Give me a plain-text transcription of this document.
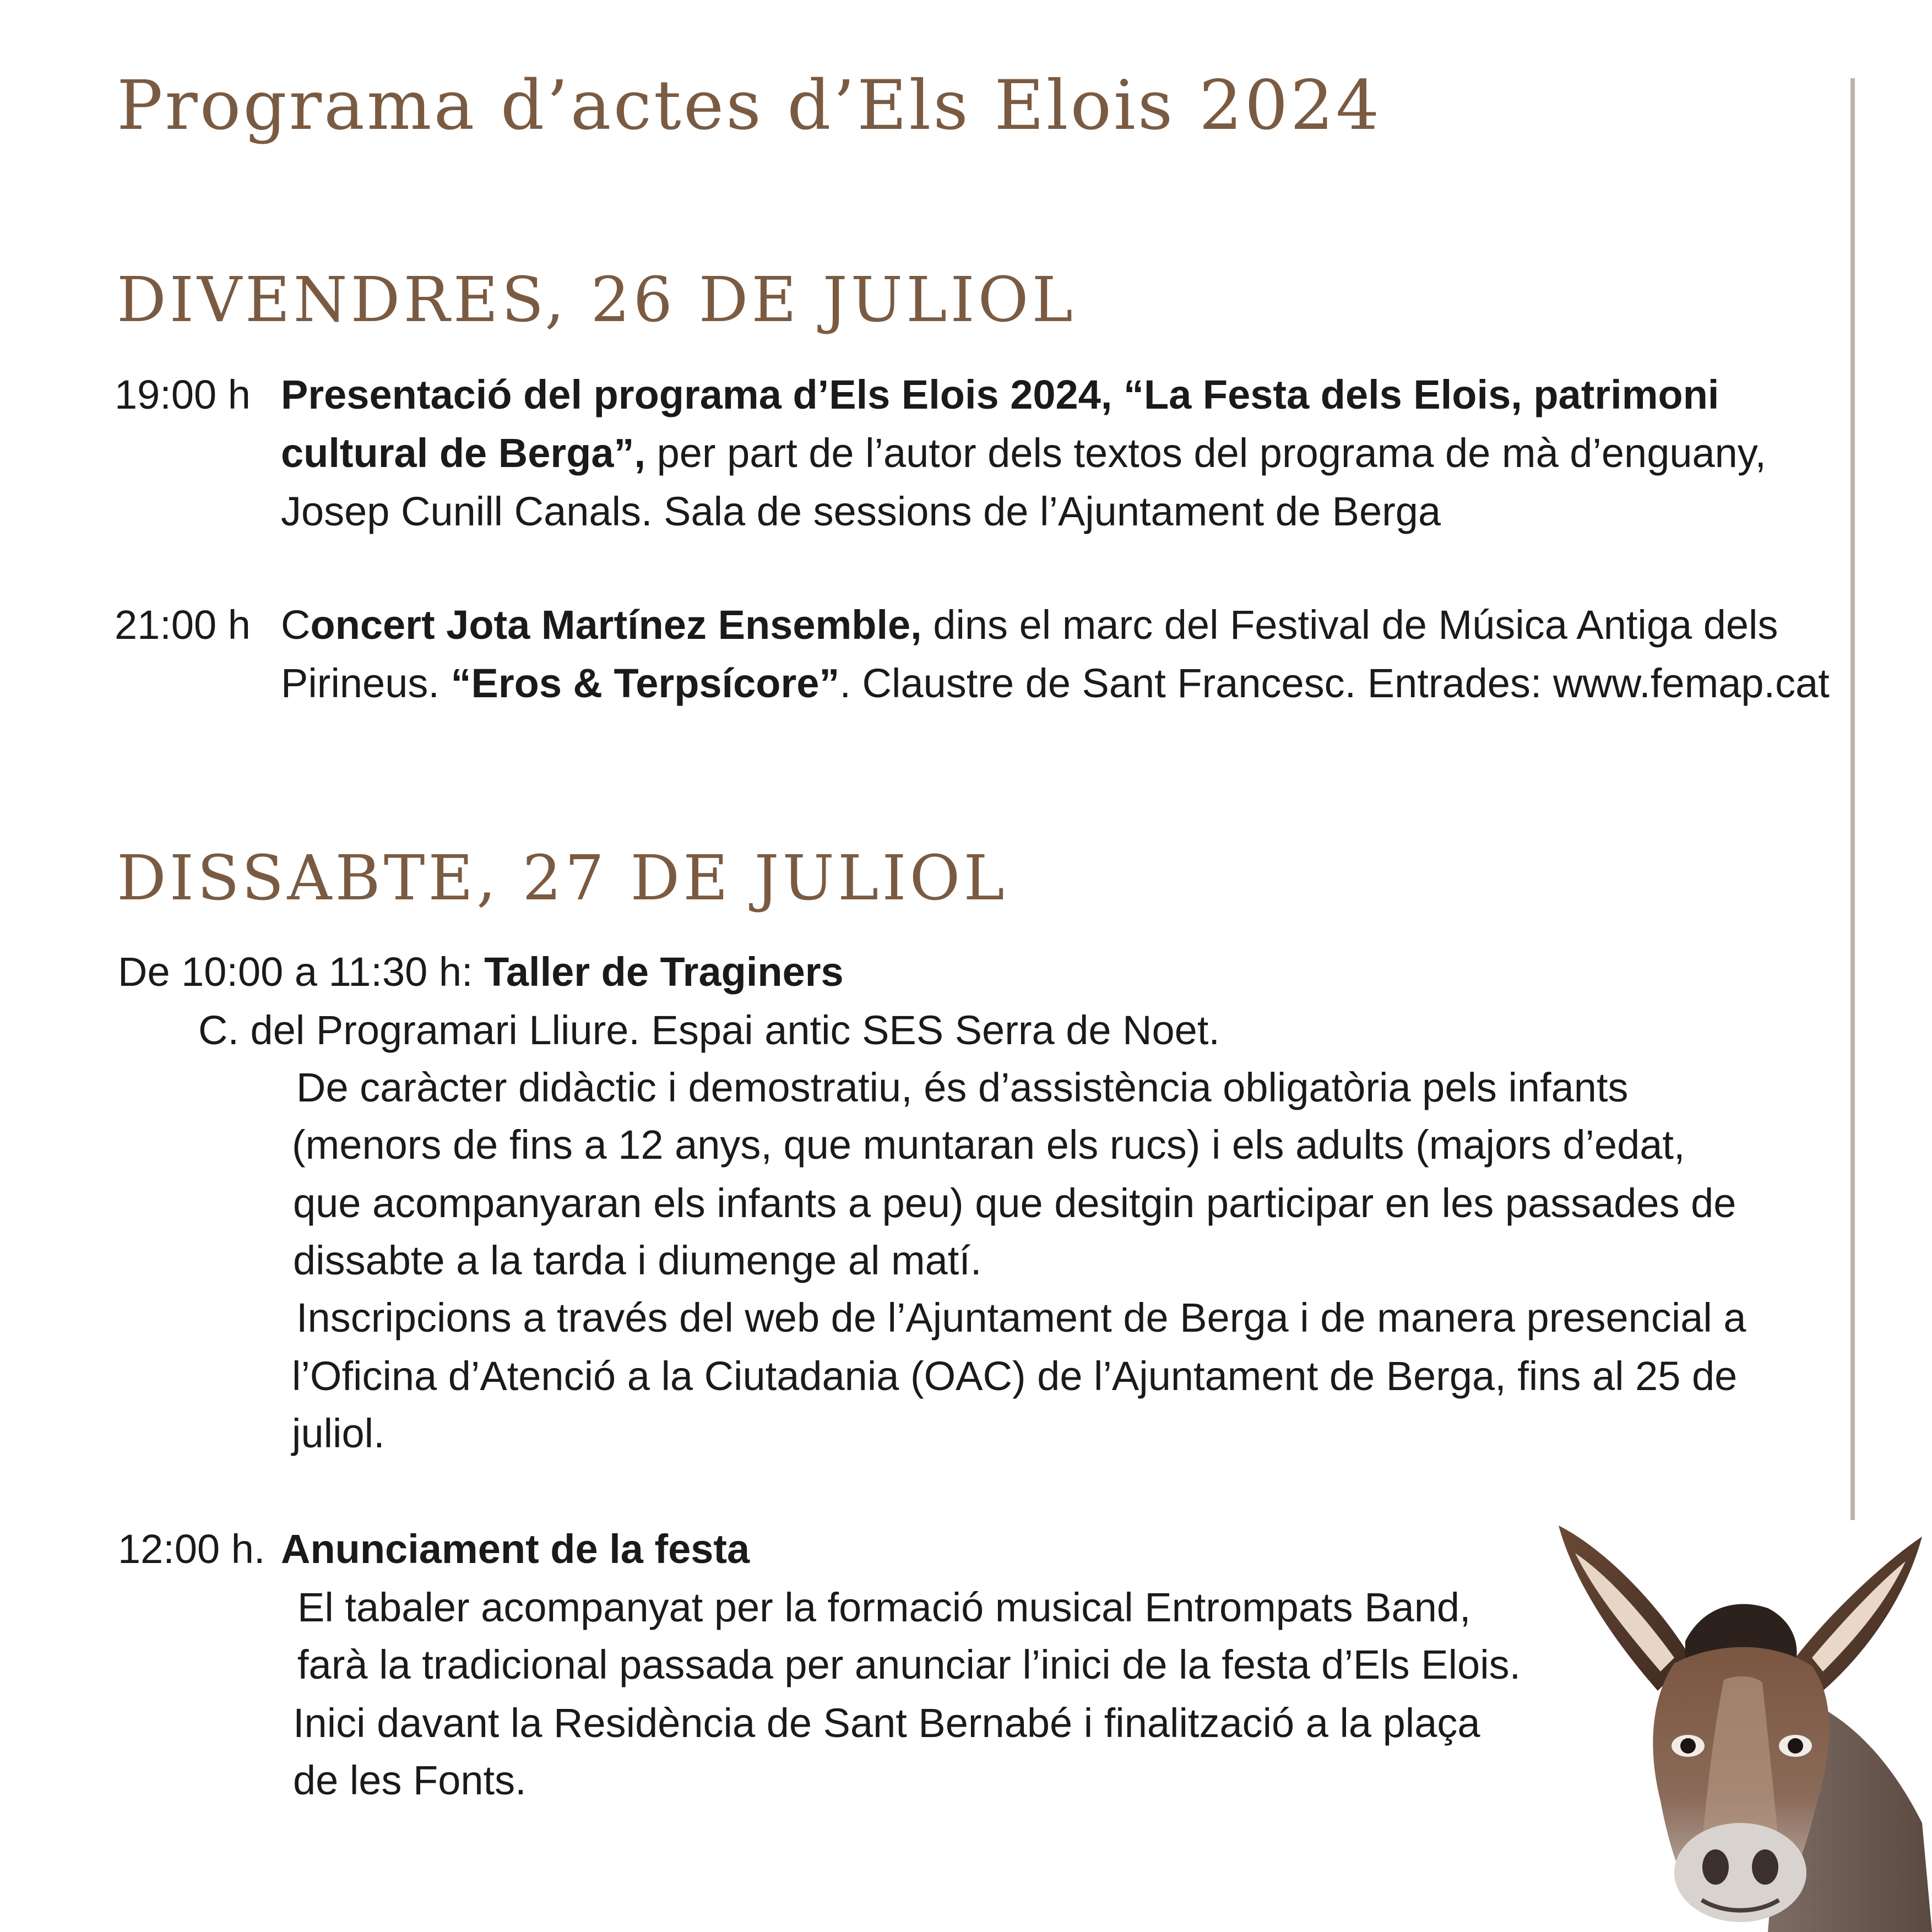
Programa d’actes d’Els Elois 2024
DIVENDRES, 26 DE JULIOL

19:00 h Presentació del programa d’Els Elois 2024, “La Festa dels Elois, patrimoni

cultural de Berga”, per part de l’autor dels textos del programa de mà d’enguany,

Josep Cunill Canals. Sala de sessions de l’Ajuntament de Berga

21:00 h Concert Jota Martínez Ensemble, dins el marc del Festival de Música Antiga dels

Pirineus. “Eros & Terpsícore”. Claustre de Sant Francesc. Entrades: www.femap.cat

DISSABTE, 27 DE JULIOL

De 10:00 a 11:30 h: Taller de Traginers

C. del Programari Lliure. Espai antic SES Serra de Noet.

De caràcter didàctic i demostratiu, és d’assistència obligatòria pels infants

(menors de fins a 12 anys, que muntaran els rucs) i els adults (majors d’edat,

que acompanyaran els infants a peu) que desitgin participar en les passades de

dissabte a la tarda i diumenge al matí.

Inscripcions a través del web de l’Ajuntament de Berga i de manera presencial a

l’Oficina d’Atenció a la Ciutadania (OAC) de l’Ajuntament de Berga, fins al 25 de

juliol.

12:00 h. Anunciament de la festa

El tabaler acompanyat per la formació musical Entrompats Band,

farà la tradicional passada per anunciar l’inici de la festa d’Els Elois.

Inici davant la Residència de Sant Bernabé i finalització a la plaça

de les Fonts.
